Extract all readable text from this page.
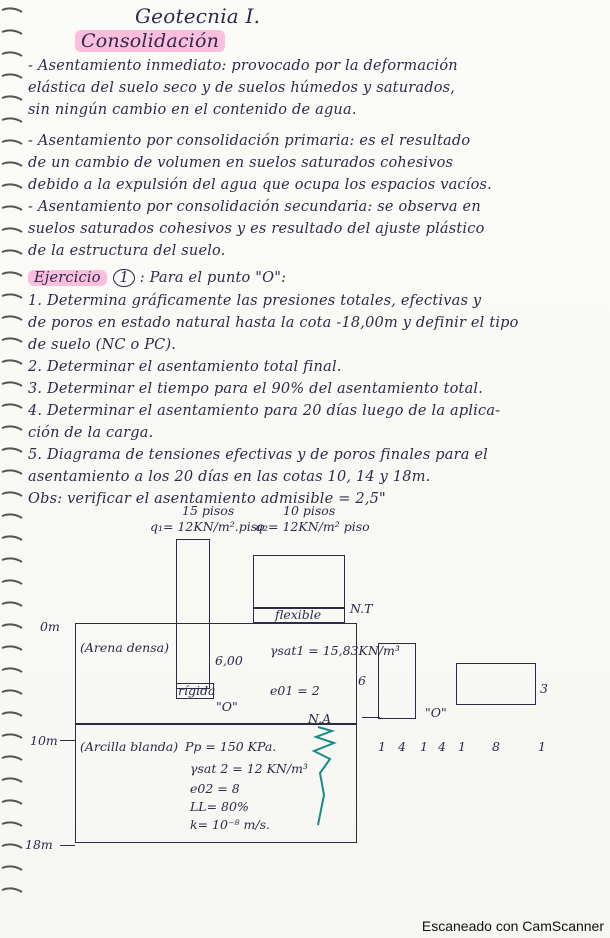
Geotecnia I.
Consolidación
- Asentamiento inmediato: provocado por la deformación
elástica del suelo seco y de suelos húmedos y saturados,
sin ningún cambio en el contenido de agua.
- Asentamiento por consolidación primaria: es el resultado
de un cambio de volumen en suelos saturados cohesivos
debido a la expulsión del agua que ocupa los espacios vacíos.
- Asentamiento por consolidación secundaria: se observa en
suelos saturados cohesivos y es resultado del ajuste plástico
de la estructura del suelo.
Ejercicio 1 : Para el punto "O":
1. Determina gráficamente las presiones totales, efectivas y
de poros en estado natural hasta la cota -18,00m y definir el tipo
de suelo (NC o PC).
2. Determinar el asentamiento total final.
3. Determinar el tiempo para el 90% del asentamiento total.
4. Determinar el asentamiento para 20 días luego de la aplica-
ción de la carga.
5. Diagrama de tensiones efectivas y de poros finales para el
asentamiento a los 20 días en las cotas 10, 14 y 18m.
Obs: verificar el asentamiento admisible = 2,5"
15 pisos
q₁= 12KN/m².piso
10 pisos
q₂= 12KN/m² piso
flexible N.T
rígida
0m
10m
18m
(Arena densa)
6,00
γsat1 = 15,83KN/m³
e01 = 2
"O"
N.A
(Arcilla blanda) Pp = 150 KPa.
γsat 2 = 12 KN/m³
e02 = 8
LL= 80%
k= 10⁻⁸ m/s.
6
3
"O"
1 4 1 4 1 8	1
Escaneado con CamScanner
